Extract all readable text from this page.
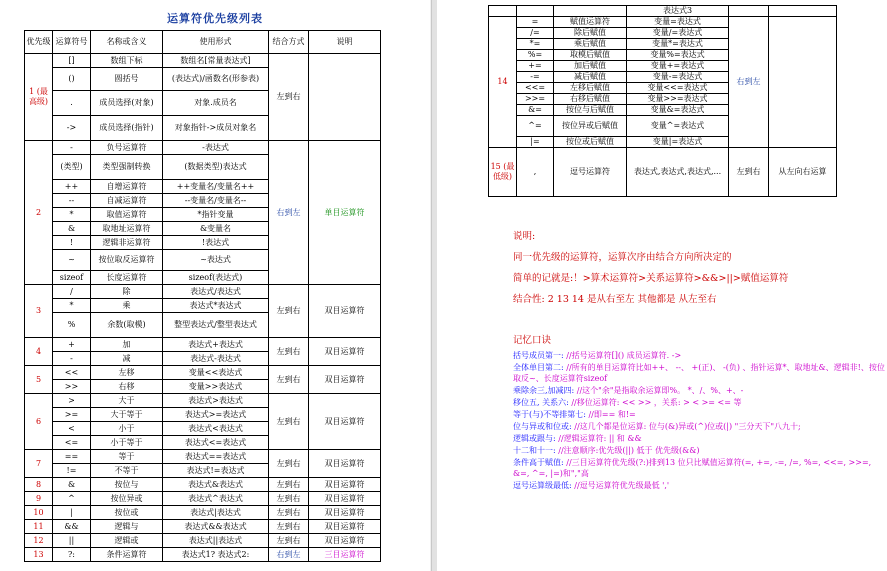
运算符优先级列表
优先级	运算符号	名称或含义	使用形式	结合方式	说明
1 (最高级)	[]	数组下标	数组名[常量表达式]	左到右	
	()	圆括号	(表达式)/函数名(形参表)		
	.	成员选择(对象)	对象.成员名		
	->	成员选择(指针)	对象指针->成员对象名		
2	-	负号运算符	-表达式	右到左	单目运算符
	(类型)	类型强制转换	(数据类型)表达式		
	++	自增运算符	++变量名/变量名++		
	--	自减运算符	--变量名/变量名--		
	*	取值运算符	*指针变量		
	&	取地址运算符	&变量名		
	!	逻辑非运算符	!表达式		
	~	按位取反运算符	~表达式		
	sizeof	长度运算符	sizeof(表达式)		
3	/	除	表达式/表达式	左到右	双目运算符
	*	乘	表达式*表达式		
	%	余数(取模)	整型表达式/整型表达式		
4	+	加	表达式+表达式	左到右	双目运算符
	-	减	表达式-表达式		
5	<<	左移	变量<<表达式	左到右	双目运算符
	>>	右移	变量>>表达式		
6	>	大于	表达式>表达式	左到右	双目运算符
	>=	大于等于	表达式>=表达式		
	<	小于	表达式<表达式		
	<=	小于等于	表达式<=表达式		
7	==	等于	表达式==表达式	左到右	双目运算符
	!=	不等于	表达式!=表达式		
8	&	按位与	表达式&表达式	左到右	双目运算符
9	^	按位异或	表达式^表达式	左到右	双目运算符
10	|	按位或	表达式|表达式	左到右	双目运算符
11	&&	逻辑与	表达式&&表达式	左到右	双目运算符
12	||	逻辑或	表达式||表达式	左到右	双目运算符
13	?:	条件运算符	表达式1? 表达式2:	右到左	三目运算符
			表达式3		
14	=	赋值运算符	变量=表达式	右到左	
	/=	除后赋值	变量/=表达式		
	*=	乘后赋值	变量*=表达式		
	%=	取模后赋值	变量%=表达式		
	+=	加后赋值	变量+=表达式		
	-=	减后赋值	变量-=表达式		
	<<=	左移后赋值	变量<<=表达式		
	>>=	右移后赋值	变量>>=表达式		
	&=	按位与后赋值	变量&=表达式		
	^=	按位异或后赋值	变量^=表达式		
	|=	按位或后赋值	变量|=表达式		
15 (最低级)	,	逗号运算符	表达式,表达式,表达式,...	左到右	从左向右运算
说明:
同一优先级的运算符，运算次序由结合方向所决定的
简单的记就是:！>算术运算符>关系运算符>&&>||>赋值运算符
结合性: 2 13 14 是从右至左 其他都是 从左至右
记忆口诀
括号成员第一: //括号运算符[]() 成员运算符. ->
全体单目第二: //所有的单目运算符比如++、 --、 +(正)、 -(负) 、指针运算*、取地址&、逻辑非!、按位取反~、长度运算符sizeof
乘除余三,加减四: //这个"余"是指取余运算即%。 *、/、%、+、-
移位五, 关系六: //移位运算符: << >> ，关系: > < >= <= 等
等于(与)不等排第七: //即== 和!=
位与异或和位或: //这几个都是位运算: 位与(&)异或(^)位或(|) "三分天下"八九十;
逻辑或跟与: //逻辑运算符: || 和 &&
十二和十一: //注意顺序:优先级(||) 低于 优先级(&&)
条件高于赋值: //三目运算符优先级(?:)排到13 位只比赋值运算符(=, +=, -=, /=, %=, <<=, >>=, &=, ^=, |=)和","高
逗号运算级最低: //逗号运算符优先级最低 ','
